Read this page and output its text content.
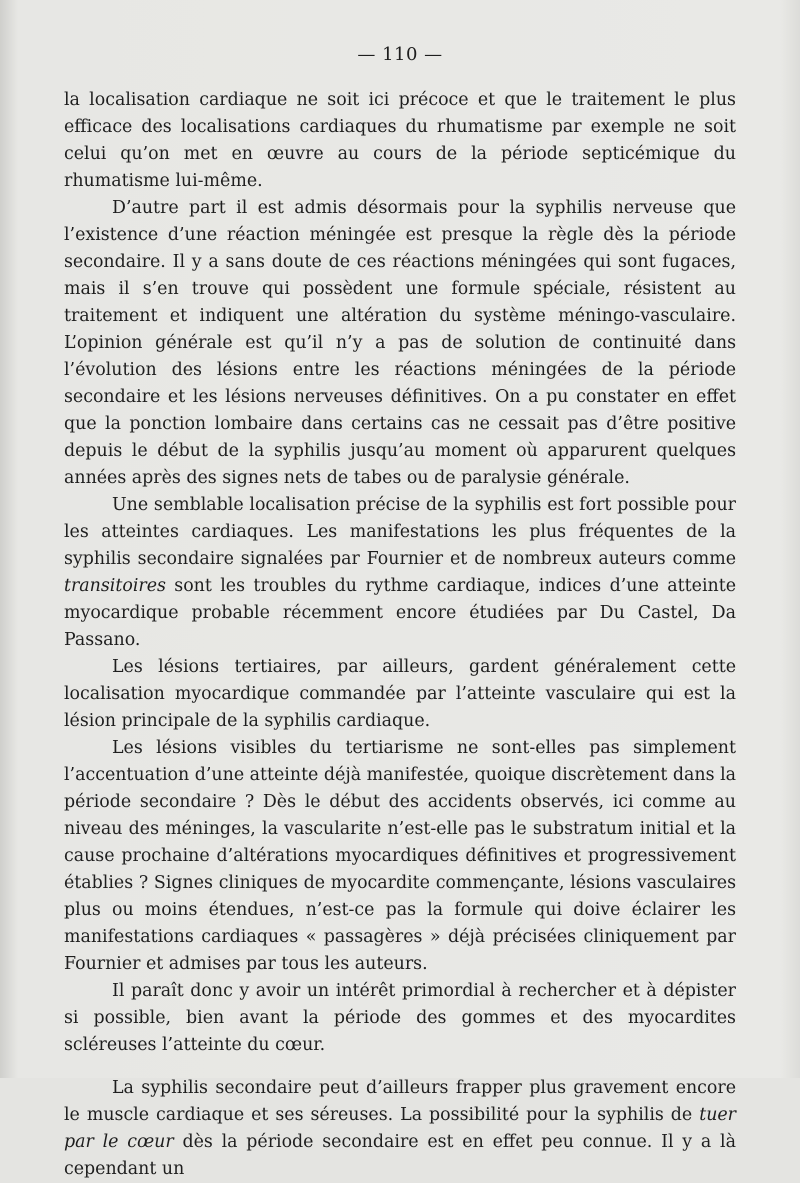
— 110 —

la localisation cardiaque ne soit ici précoce et que le traitement le plus efficace des localisations cardiaques du rhumatisme par exemple ne soit celui qu’on met en œuvre au cours de la période septicémique du rhumatisme lui-même.

D’autre part il est admis désormais pour la syphilis nerveuse que l’existence d’une réaction méningée est presque la règle dès la période secondaire. Il y a sans doute de ces réactions méningées qui sont fugaces, mais il s’en trouve qui possèdent une formule spéciale, résistent au traitement et indiquent une altération du système méningo-vasculaire. L’opinion générale est qu’il n’y a pas de solution de continuité dans l’évolution des lésions entre les réactions méningées de la période secondaire et les lésions nerveuses définitives. On a pu constater en effet que la ponction lombaire dans certains cas ne cessait pas d’être positive depuis le début de la syphilis jusqu’au moment où apparurent quelques années après des signes nets de tabes ou de paralysie générale.

Une semblable localisation précise de la syphilis est fort possible pour les atteintes cardiaques. Les manifestations les plus fréquentes de la syphilis secondaire signalées par Fournier et de nombreux auteurs comme transitoires sont les troubles du rythme cardiaque, indices d’une atteinte myocardique probable récemment encore étudiées par Du Castel, Da Passano.

Les lésions tertiaires, par ailleurs, gardent généralement cette localisation myocardique commandée par l’atteinte vasculaire qui est la lésion principale de la syphilis cardiaque.

Les lésions visibles du tertiarisme ne sont-elles pas simplement l’accentuation d’une atteinte déjà manifestée, quoique discrètement dans la période secondaire ? Dès le début des accidents observés, ici comme au niveau des méninges, la vascularite n’est-elle pas le substratum initial et la cause prochaine d’altérations myocardiques définitives et progressivement établies ? Signes cliniques de myocardite commençante, lésions vasculaires plus ou moins étendues, n’est-ce pas la formule qui doive éclairer les manifestations cardiaques « passagères » déjà précisées cliniquement par Fournier et admises par tous les auteurs.

Il paraît donc y avoir un intérêt primordial à rechercher et à dépister si possible, bien avant la période des gommes et des myocardites scléreuses l’atteinte du cœur.

La syphilis secondaire peut d’ailleurs frapper plus gravement encore le muscle cardiaque et ses séreuses. La possibilité pour la syphilis de tuer par le cœur dès la période secondaire est en effet peu connue. Il y a là cependant un
